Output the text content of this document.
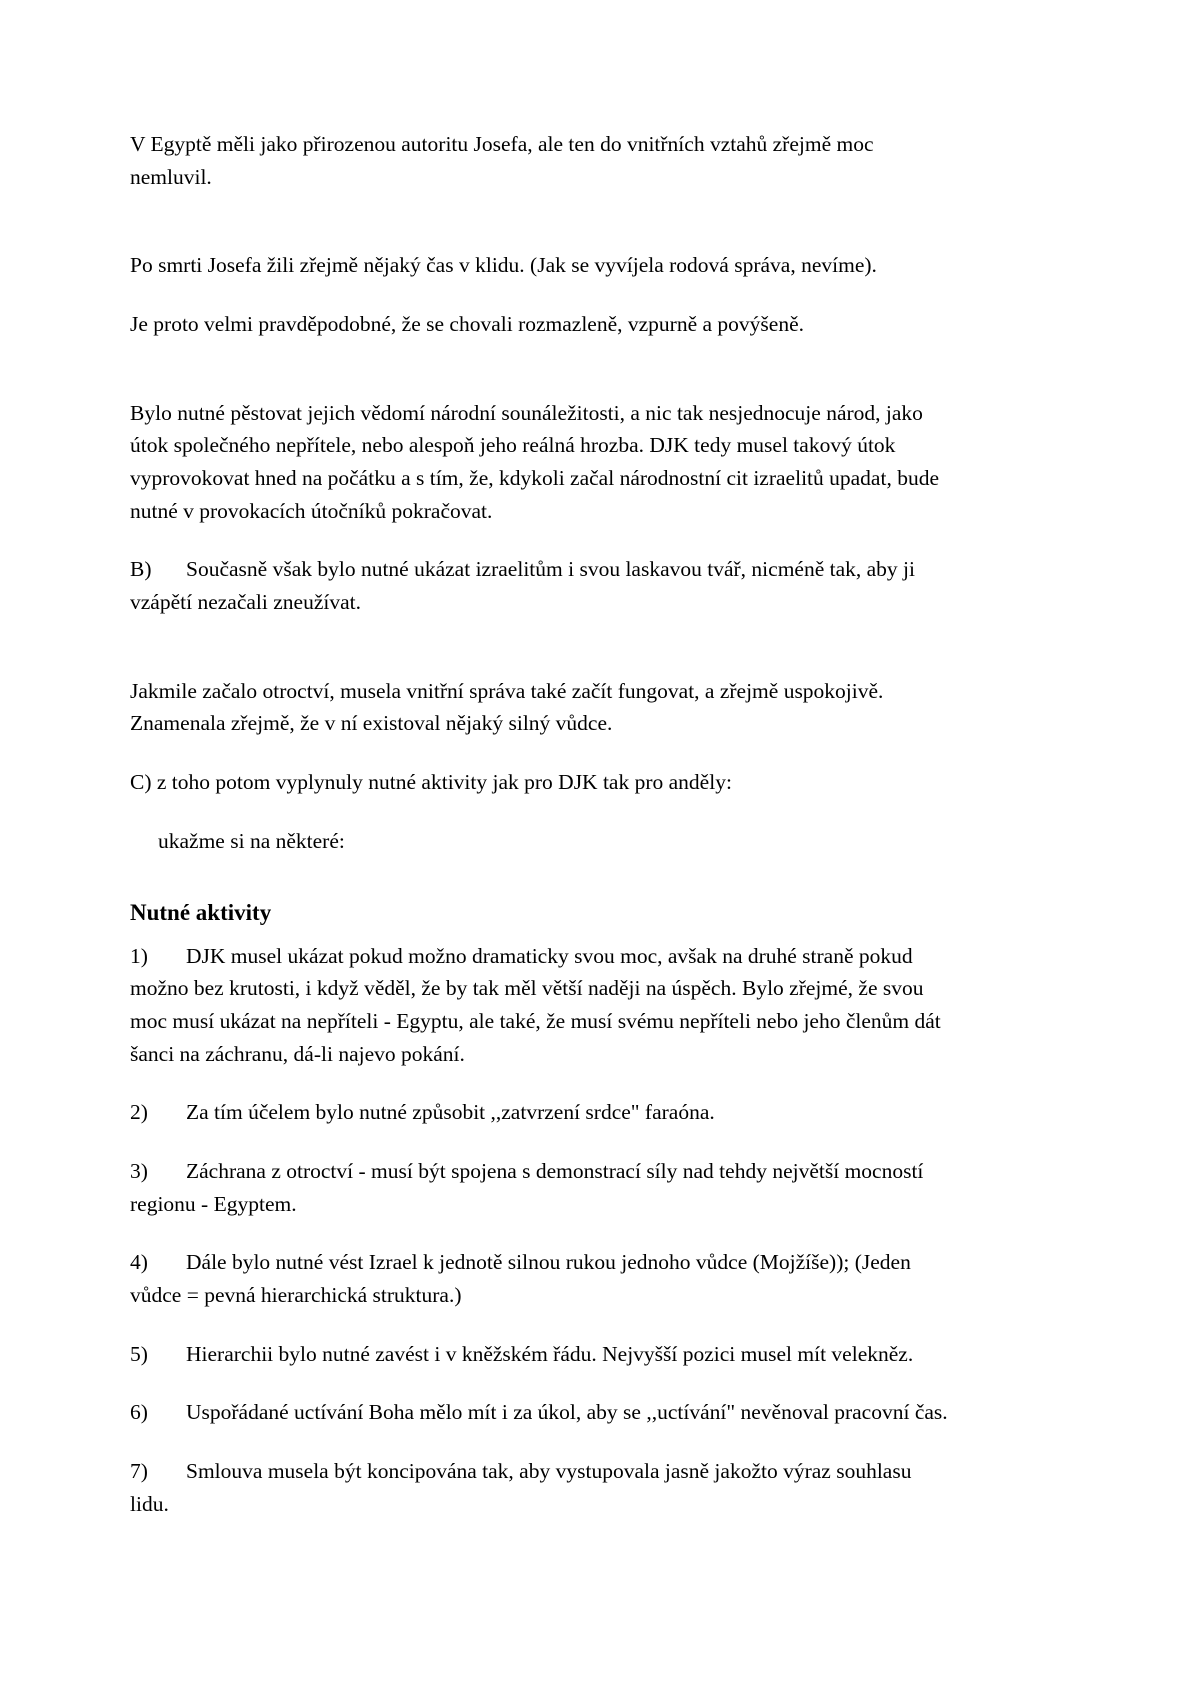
V Egyptě měli jako přirozenou autoritu Josefa, ale ten do vnitřních vztahů zřejmě moc nemluvil.

Po smrti Josefa žili zřejmě nějaký čas v klidu. (Jak se vyvíjela rodová správa, nevíme).

Je proto velmi pravděpodobné, že se chovali rozmazleně, vzpurně a povýšeně.

Bylo nutné pěstovat jejich vědomí národní sounáležitosti, a nic tak nesjednocuje národ, jako útok společného nepřítele, nebo alespoň jeho reálná hrozba. DJK tedy musel takový útok vyprovokovat hned na počátku a s tím, že, kdykoli začal národnostní cit izraelitů upadat, bude nutné v provokacích útočníků pokračovat.

B) Současně však bylo nutné ukázat izraelitům i svou laskavou tvář, nicméně tak, aby ji vzápětí nezačali zneužívat.

Jakmile začalo otroctví, musela vnitřní správa také začít fungovat, a zřejmě uspokojivě. Znamenala zřejmě, že v ní existoval nějaký silný vůdce.

C) z toho potom vyplynuly nutné aktivity jak pro DJK tak pro anděly:

ukažme si na některé:

Nutné aktivity

1) DJK musel ukázat pokud možno dramaticky svou moc, avšak na druhé straně pokud možno bez krutosti, i když věděl, že by tak měl větší naději na úspěch. Bylo zřejmé, že svou moc musí ukázat na nepříteli - Egyptu, ale také, že musí svému nepříteli nebo jeho členům dát šanci na záchranu, dá-li najevo pokání.

2) Za tím účelem bylo nutné způsobit ,,zatvrzení srdce" faraóna.

3) Záchrana z otroctví - musí být spojena s demonstrací síly nad tehdy největší mocností regionu - Egyptem.

4) Dále bylo nutné vést Izrael k jednotě silnou rukou jednoho vůdce (Mojžíše)); (Jeden vůdce = pevná hierarchická struktura.)

5) Hierarchii bylo nutné zavést i v kněžském řádu. Nejvyšší pozici musel mít velekněz.

6) Uspořádané uctívání Boha mělo mít i za úkol, aby se ,,uctívání" nevěnoval pracovní čas.

7) Smlouva musela být koncipována tak, aby vystupovala jasně jakožto výraz souhlasu lidu.
